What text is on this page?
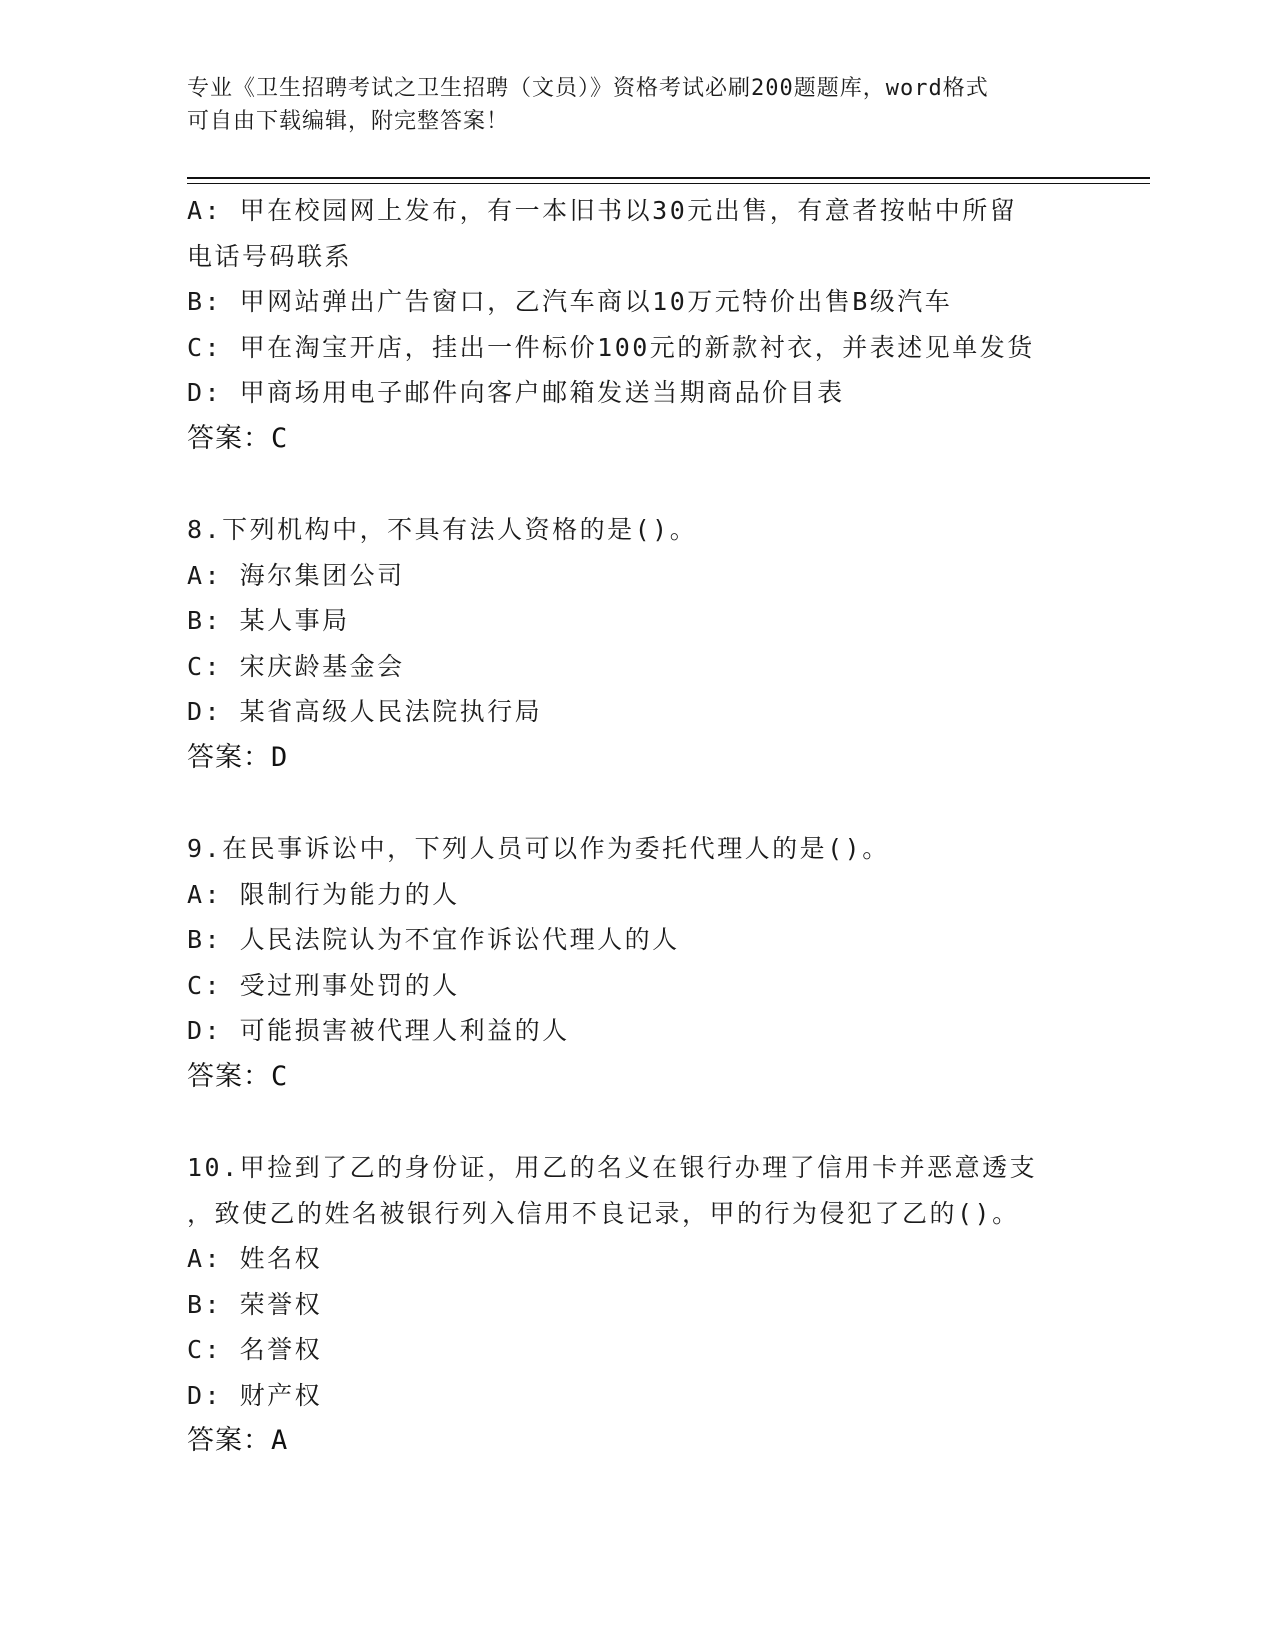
专业《卫生招聘考试之卫生招聘（文员）》资格考试必刷200题题库，word格式
可自由下载编辑，附完整答案！
A: 甲在校园网上发布，有一本旧书以30元出售，有意者按帖中所留
电话号码联系
B: 甲网站弹出广告窗口，乙汽车商以10万元特价出售B级汽车
C: 甲在淘宝开店，挂出一件标价100元的新款衬衣，并表述见单发货
D: 甲商场用电子邮件向客户邮箱发送当期商品价目表
答案：C
8.下列机构中，不具有法人资格的是()。
A: 海尔集团公司
B: 某人事局
C: 宋庆龄基金会
D: 某省高级人民法院执行局
答案：D
9.在民事诉讼中，下列人员可以作为委托代理人的是()。
A: 限制行为能力的人
B: 人民法院认为不宜作诉讼代理人的人
C: 受过刑事处罚的人
D: 可能损害被代理人利益的人
答案：C
10.甲捡到了乙的身份证，用乙的名义在银行办理了信用卡并恶意透支
，致使乙的姓名被银行列入信用不良记录，甲的行为侵犯了乙的()。
A: 姓名权
B: 荣誉权
C: 名誉权
D: 财产权
答案：A
